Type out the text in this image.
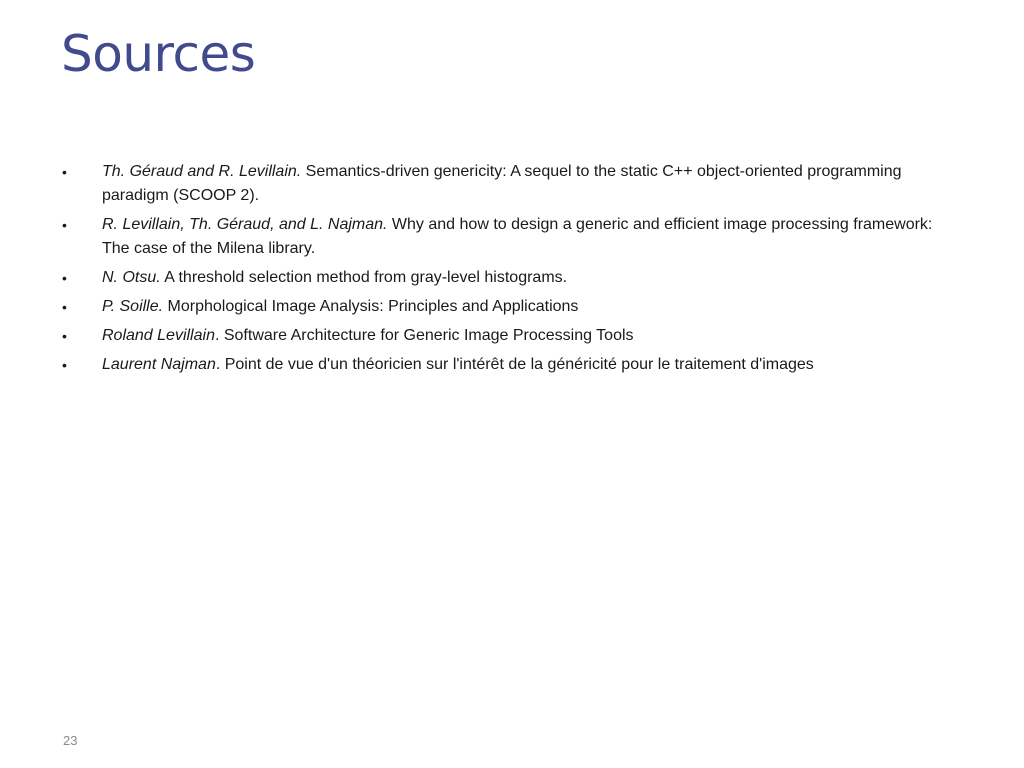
Sources
•	Th. Géraud and R. Levillain. Semantics-driven genericity: A sequel to the static C++ object-oriented programming paradigm (SCOOP 2).
•	R. Levillain, Th. Géraud, and L. Najman. Why and how to design a generic and efficient image processing framework: The case of the Milena library.
•	N. Otsu. A threshold selection method from gray-level histograms.
•	P. Soille. Morphological Image Analysis: Principles and Applications
•	Roland Levillain. Software Architecture for Generic Image Processing Tools
•	Laurent Najman. Point de vue d'un théoricien sur l'intérêt de la généricité pour le traitement d'images
23
